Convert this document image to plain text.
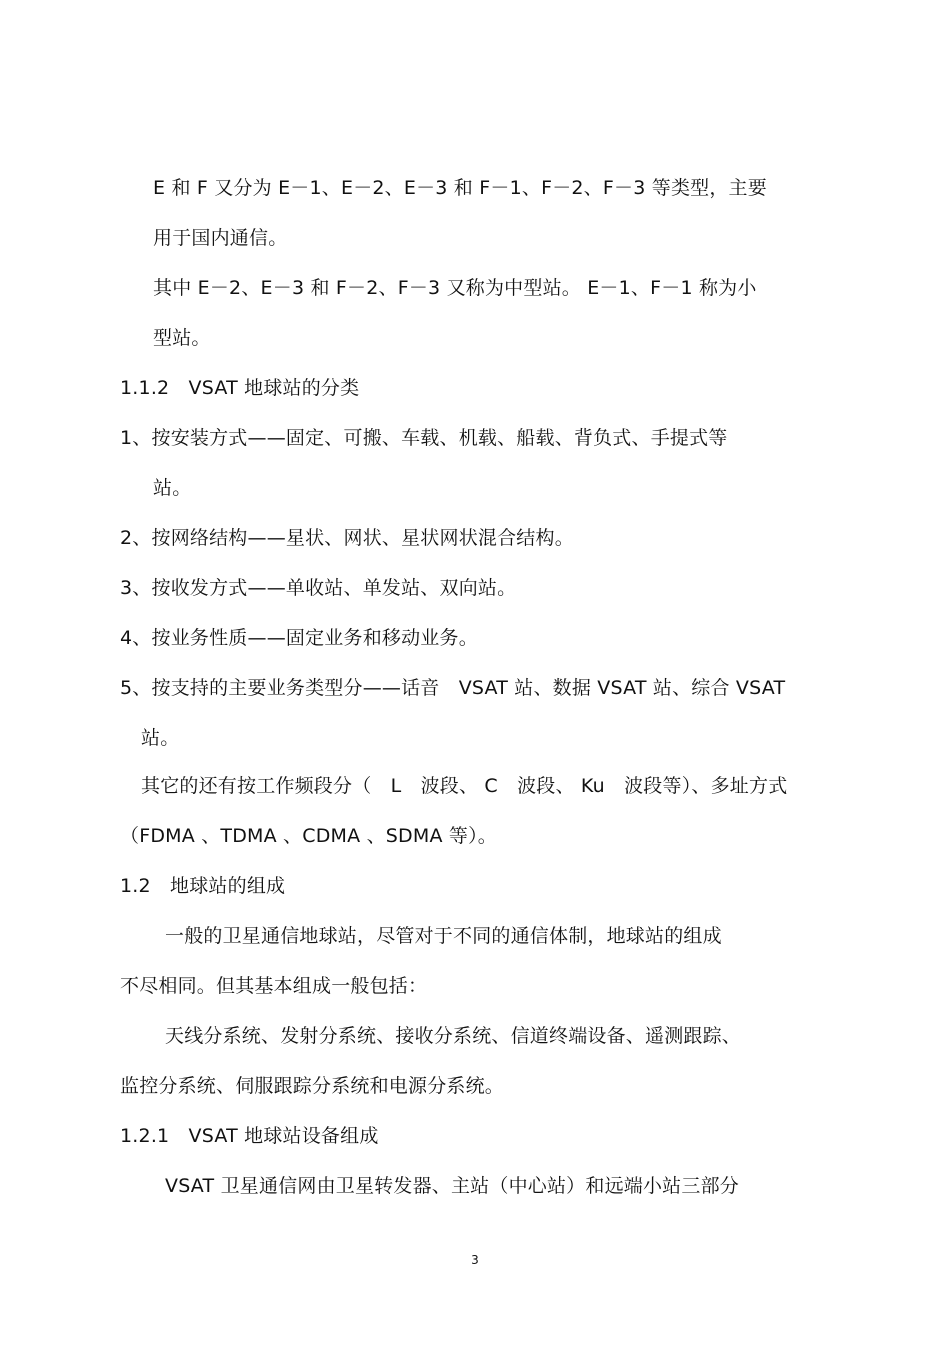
E 和 F 又分为 E－1、E－2、E－3 和 F－1、F－2、F－3 等类型，主要
用于国内通信。
其中 E－2、E－3 和 F－2、F－3 又称为中型站。 E－1、F－1 称为小
型站。
1.1.2　VSAT 地球站的分类
1、按安装方式——固定、可搬、车载、机载、船载、背负式、手提式等
站。
2、按网络结构——星状、网状、星状网状混合结构。
3、按收发方式——单收站、单发站、双向站。
4、按业务性质——固定业务和移动业务。
5、按支持的主要业务类型分——话音　VSAT 站、数据 VSAT 站、综合 VSAT
站。
其它的还有按工作频段分（　L　波段、 C　波段、 Ku　波段等）、多址方式
（FDMA 、TDMA 、CDMA 、SDMA 等）。
1.2　地球站的组成
一般的卫星通信地球站，尽管对于不同的通信体制，地球站的组成
不尽相同。但其基本组成一般包括：
天线分系统、发射分系统、接收分系统、信道终端设备、遥测跟踪、
监控分系统、伺服跟踪分系统和电源分系统。
1.2.1　VSAT 地球站设备组成
VSAT 卫星通信网由卫星转发器、主站（中心站）和远端小站三部分
3
